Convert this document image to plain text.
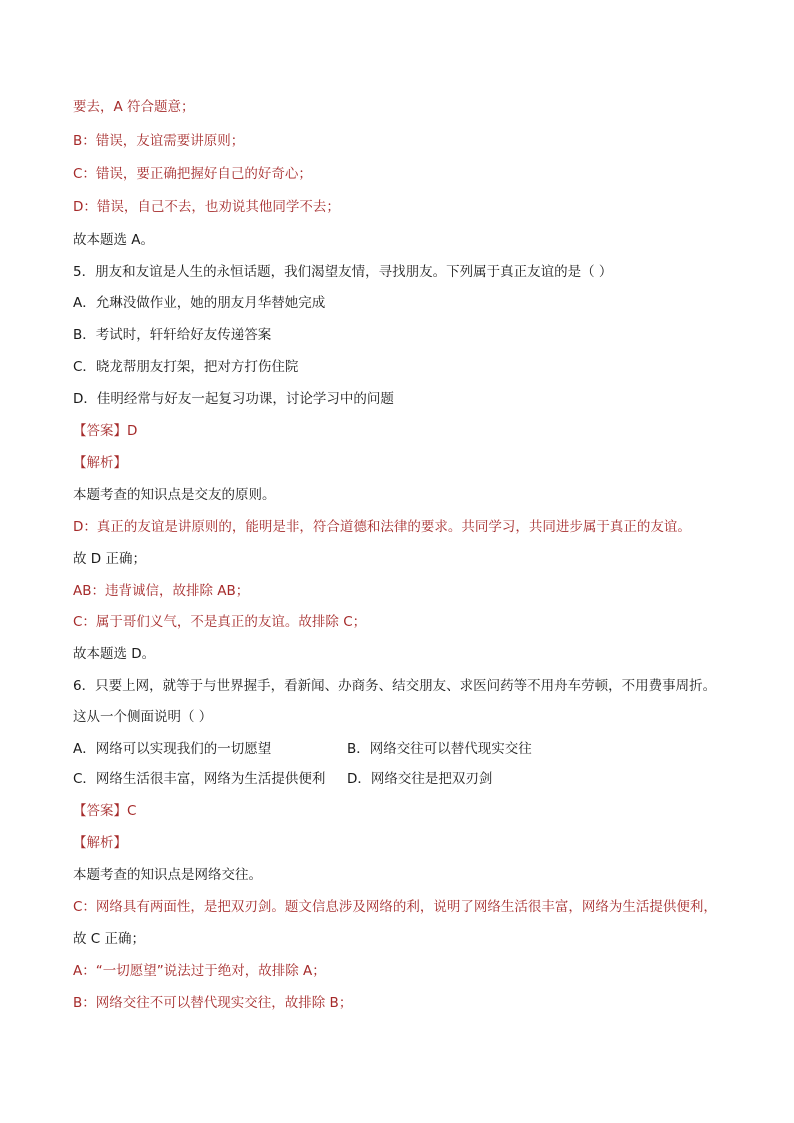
要去，A 符合题意；
B：错误，友谊需要讲原则；
C：错误，要正确把握好自己的好奇心；
D：错误，自己不去，也劝说其他同学不去；
故本题选 A。
5．朋友和友谊是人生的永恒话题，我们渴望友情，寻找朋友。下列属于真正友谊的是（ ）
A．允琳没做作业，她的朋友月华替她完成
B．考试时，轩轩给好友传递答案
C．晓龙帮朋友打架，把对方打伤住院
D．佳明经常与好友一起复习功课，讨论学习中的问题
【答案】D
【解析】
本题考查的知识点是交友的原则。
D：真正的友谊是讲原则的，能明是非，符合道德和法律的要求。共同学习，共同进步属于真正的友谊。
故 D 正确；
AB：违背诚信，故排除 AB；
C：属于哥们义气，不是真正的友谊。故排除 C；
故本题选 D。
6．只要上网，就等于与世界握手，看新闻、办商务、结交朋友、求医问药等不用舟车劳顿，不用费事周折。
这从一个侧面说明（ ）
A．网络可以实现我们的一切愿望	B．网络交往可以替代现实交往
C．网络生活很丰富，网络为生活提供便利 D．网络交往是把双刃剑
【答案】C
【解析】
本题考查的知识点是网络交往。
C：网络具有两面性，是把双刃剑。题文信息涉及网络的利，说明了网络生活很丰富，网络为生活提供便利，
故 C 正确；
A：“一切愿望”说法过于绝对，故排除 A；
B：网络交往不可以替代现实交往，故排除 B；
